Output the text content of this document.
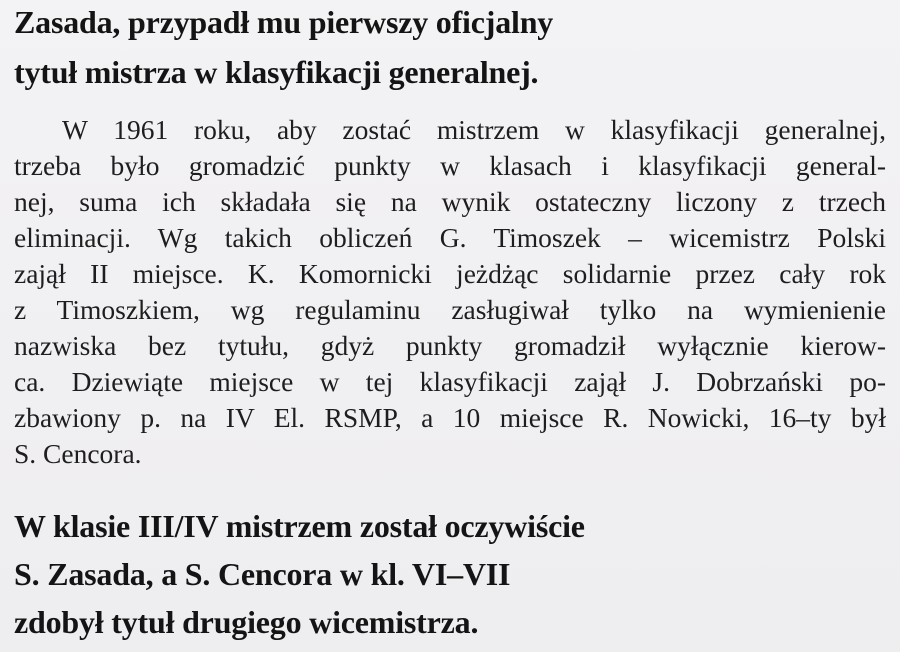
Zasada, przypadł mu pierwszy oficjalny

tytuł mistrza w klasyfikacji generalnej.

W 1961 roku, aby zostać mistrzem w klasyfikacji generalnej,

trzeba było gromadzić punkty w klasach i klasyfikacji general-

nej, suma ich składała się na wynik ostateczny liczony z trzech

eliminacji. Wg takich obliczeń G. Timoszek – wicemistrz Polski

zajął II miejsce. K. Komornicki jeżdżąc solidarnie przez cały rok

z Timoszkiem, wg regulaminu zasługiwał tylko na wymienienie

nazwiska bez tytułu, gdyż punkty gromadził wyłącznie kierow-

ca. Dziewiąte miejsce w tej klasyfikacji zajął J. Dobrzański po-

zbawiony p. na IV El. RSMP, a 10 miejsce R. Nowicki, 16–ty był

S. Cencora.

W klasie III/IV mistrzem został oczywiście

S. Zasada, a S. Cencora w kl. VI–VII

zdobył tytuł drugiego wicemistrza.
